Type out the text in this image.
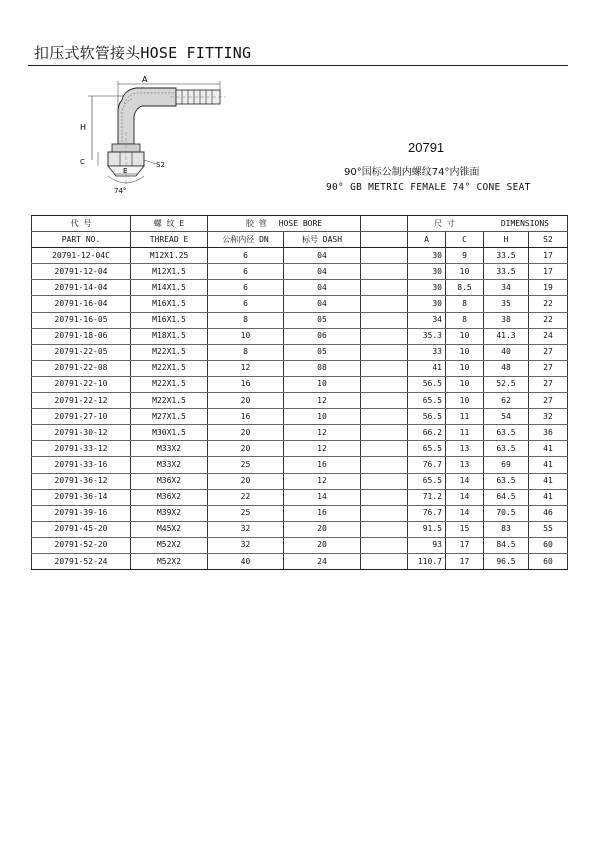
扣压式软管接头HOSE FITTING
A
H
E
C	S2
74°
20791
90°国标公制内螺纹74°内锥面
90° GB METRIC FEMALE 74° CONE SEAT
代 号	螺 纹 E	胶 管 HOSE BORE			尺 寸 DIMENSIONS			
PART NO.	THREAD E	公称内径 DN	标号 DASH		A	C	H	S2
20791-12-04C	M12X1.25	6	04		30	9	33.5	17
20791-12-04	M12X1.5	6	04		30	10	33.5	17
20791-14-04	M14X1.5	6	04		30	8.5	34	19
20791-16-04	M16X1.5	6	04		30	8	35	22
20791-16-05	M16X1.5	8	05		34	8	38	22
20791-18-06	M18X1.5	10	06		35.3	10	41.3	24
20791-22-05	M22X1.5	8	05		33	10	40	27
20791-22-08	M22X1.5	12	08		41	10	48	27
20791-22-10	M22X1.5	16	10		56.5	10	52.5	27
20791-22-12	M22X1.5	20	12		65.5	10	62	27
20791-27-10	M27X1.5	16	10		56.5	11	54	32
20791-30-12	M30X1.5	20	12		66.2	11	63.5	36
20791-33-12	M33X2	20	12		65.5	13	63.5	41
20791-33-16	M33X2	25	16		76.7	13	69	41
20791-36-12	M36X2	20	12		65.5	14	63.5	41
20791-36-14	M36X2	22	14		71.2	14	64.5	41
20791-39-16	M39X2	25	16		76.7	14	70.5	46
20791-45-20	M45X2	32	20		91.5	15	83	55
20791-52-20	M52X2	32	20		93	17	84.5	60
20791-52-24	M52X2	40	24		110.7	17	96.5	60
